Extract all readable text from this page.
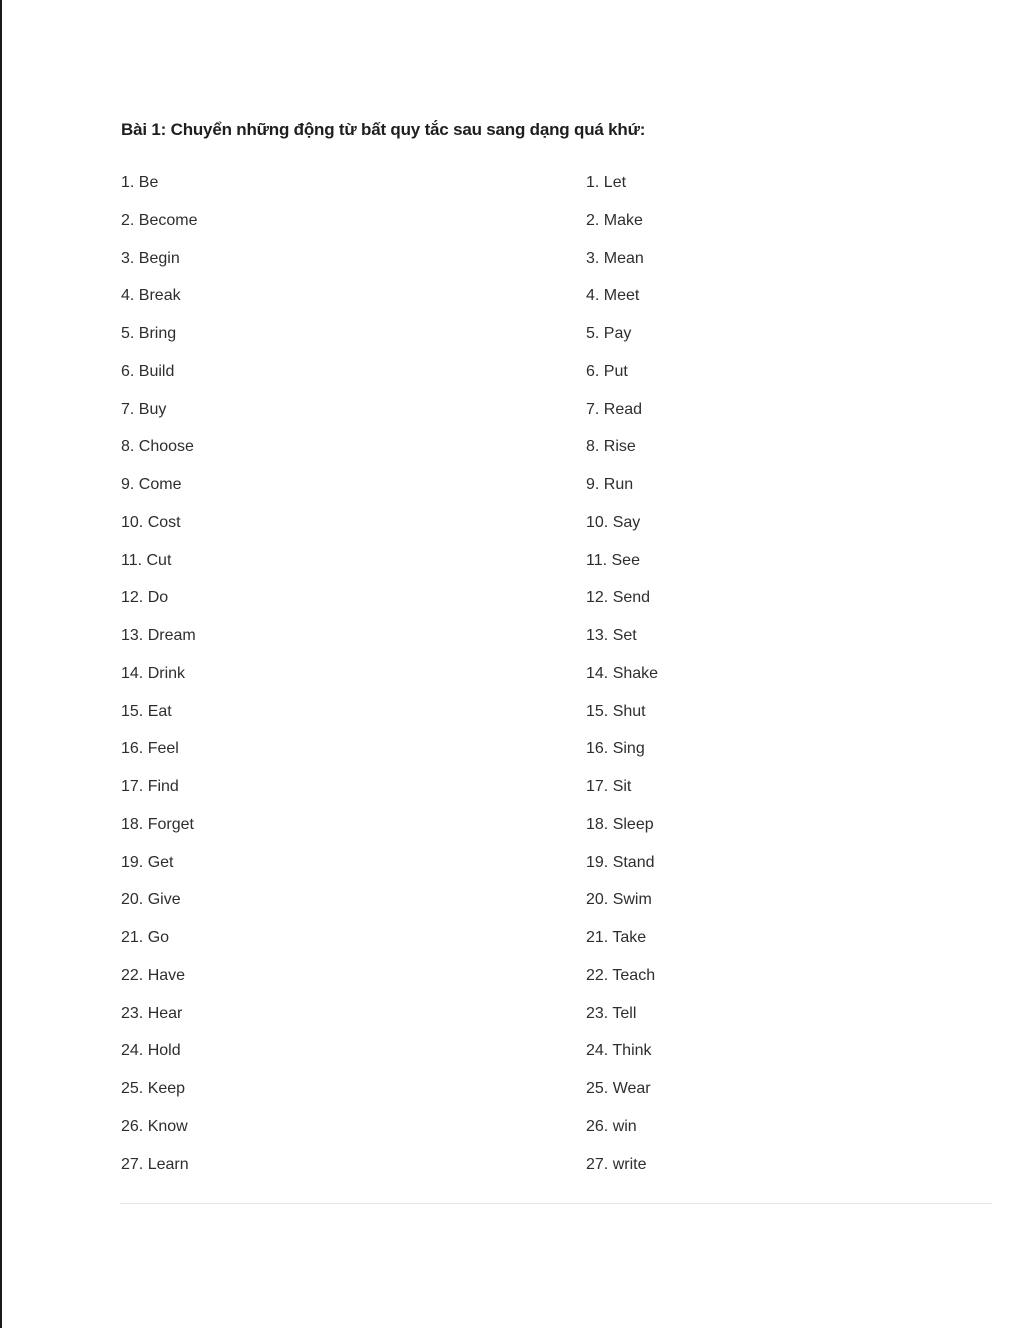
Bài 1: Chuyển những động từ bất quy tắc sau sang dạng quá khứ:
1. Be
2. Become
3. Begin
4. Break
5. Bring
6. Build
7. Buy
8. Choose
9. Come
10. Cost
11. Cut
12. Do
13. Dream
14. Drink
15. Eat
16. Feel
17. Find
18. Forget
19. Get
20. Give
21. Go
22. Have
23. Hear
24. Hold
25. Keep
26. Know
27. Learn
1. Let
2. Make
3. Mean
4. Meet
5. Pay
6. Put
7. Read
8. Rise
9. Run
10. Say
11. See
12. Send
13. Set
14. Shake
15. Shut
16. Sing
17. Sit
18. Sleep
19. Stand
20. Swim
21. Take
22. Teach
23. Tell
24. Think
25. Wear
26. win
27. write
